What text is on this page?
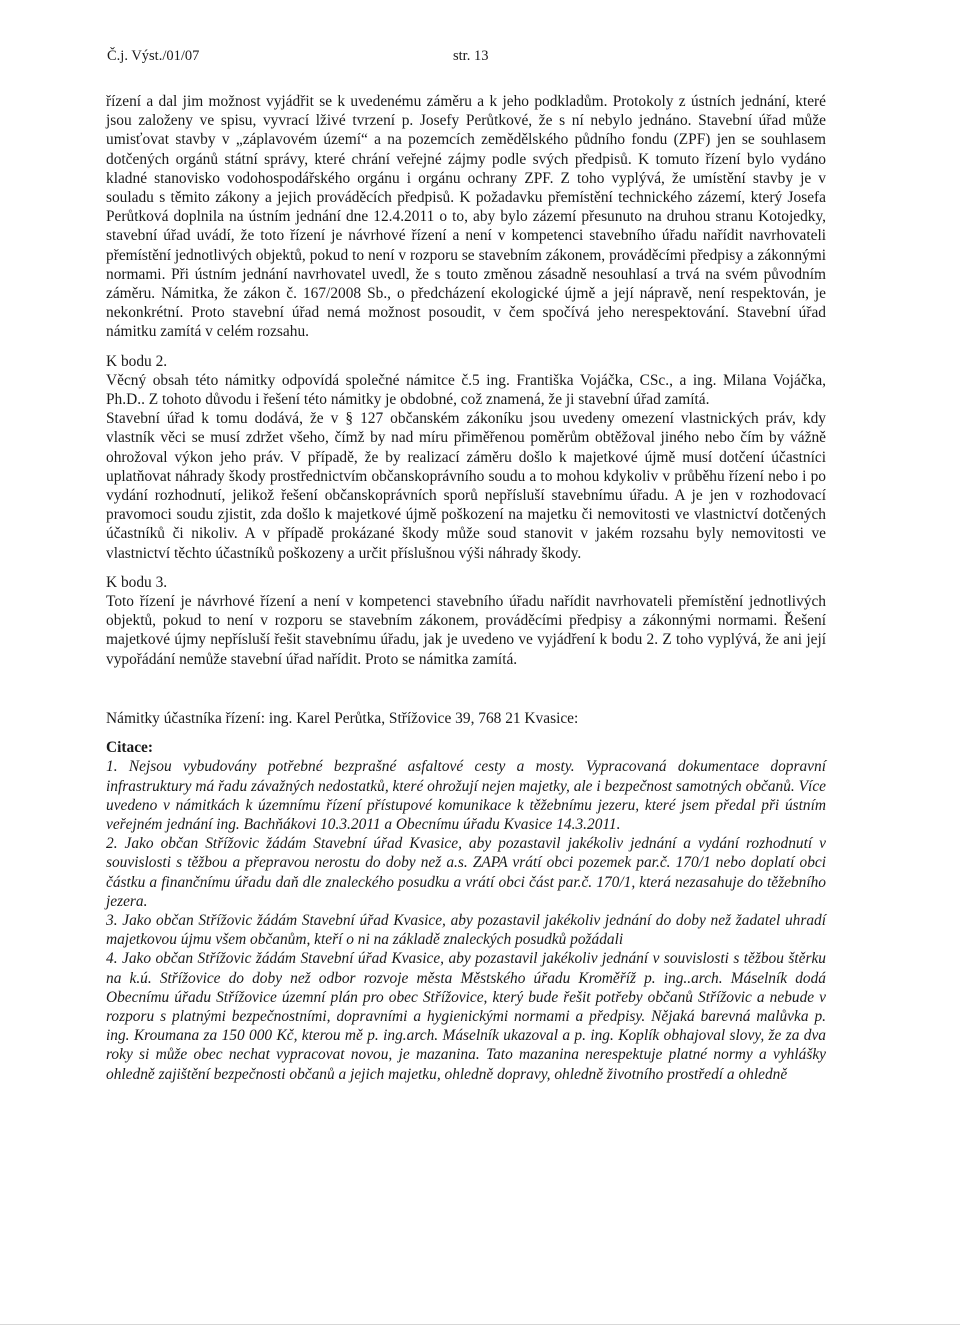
Č.j. Výst./01/07	str. 13

řízení a dal jim možnost vyjádřit se k uvedenému záměru a k jeho podkladům. Protokoly z ústních jednání, které jsou založeny ve spisu, vyvrací lživé tvrzení p. Josefy Perůtkové, že s ní nebylo jednáno. Stavební úřad může umisťovat stavby v „záplavovém území“ a na pozemcích zemědělského půdního fondu (ZPF) jen se souhlasem dotčených orgánů státní správy, které chrání veřejné zájmy podle svých předpisů. K tomuto řízení bylo vydáno kladné stanovisko vodohospodářského orgánu i orgánu ochrany ZPF. Z toho vyplývá, že umístění stavby je v souladu s těmito zákony a jejich prováděcích předpisů. K požadavku přemístění technického zázemí, který Josefa Perůtková doplnila na ústním jednání dne 12.4.2011 o to, aby bylo zázemí přesunuto na druhou stranu Kotojedky, stavební úřad uvádí, že toto řízení je návrhové řízení a není v kompetenci stavebního úřadu nařídit navrhovateli přemístění jednotlivých objektů, pokud to není v rozporu se stavebním zákonem, prováděcími předpisy a zákonnými normami. Při ústním jednání navrhovatel uvedl, že s touto změnou zásadně nesouhlasí a trvá na svém původním záměru. Námitka, že zákon č. 167/2008 Sb., o předcházení ekologické újmě a její nápravě, není respektován, je nekonkrétní. Proto stavební úřad nemá možnost posoudit, v čem spočívá jeho nerespektování. Stavební úřad námitku zamítá v celém rozsahu.

K bodu 2.

Věcný obsah této námitky odpovídá společné námitce č.5 ing. Františka Vojáčka, CSc., a ing. Milana Vojáčka, Ph.D.. Z tohoto důvodu i řešení této námitky je obdobné, což znamená, že ji stavební úřad zamítá.

Stavební úřad k tomu dodává, že v § 127 občanském zákoníku jsou uvedeny omezení vlastnických práv, kdy vlastník věci se musí zdržet všeho, čímž by nad míru přiměřenou poměrům obtěžoval jiného nebo čím by vážně ohrožoval výkon jeho práv. V případě, že by realizací záměru došlo k majetkové újmě musí dotčení účastníci uplatňovat náhrady škody prostřednictvím občanskoprávního soudu a to mohou kdykoliv v průběhu řízení nebo i po vydání rozhodnutí, jelikož řešení občanskoprávních sporů nepřísluší stavebnímu úřadu. A je jen v rozhodovací pravomoci soudu zjistit, zda došlo k majetkové újmě poškození na majetku či nemovitosti ve vlastnictví dotčených účastníků či nikoliv. A v případě prokázané škody může soud stanovit v jakém rozsahu byly nemovitosti ve vlastnictví těchto účastníků poškozeny a určit příslušnou výši náhrady škody.

K bodu 3.

Toto řízení je návrhové řízení a není v kompetenci stavebního úřadu nařídit navrhovateli přemístění jednotlivých objektů, pokud to není v rozporu se stavebním zákonem, prováděcími předpisy a zákonnými normami. Řešení majetkové újmy nepřísluší řešit stavebnímu úřadu, jak je uvedeno ve vyjádření k bodu 2. Z toho vyplývá, že ani její vypořádání nemůže stavební úřad nařídit. Proto se námitka zamítá.

Námitky účastníka řízení: ing. Karel Perůtka, Střížovice 39, 768 21 Kvasice:

Citace:

1. Nejsou vybudovány potřebné bezprašné asfaltové cesty a mosty. Vypracovaná dokumentace dopravní infrastruktury má řadu závažných nedostatků, které ohrožují nejen majetky, ale i bezpečnost samotných občanů. Více uvedeno v námitkách k územnímu řízení přístupové komunikace k těžebnímu jezeru, které jsem předal při ústním veřejném jednání ing. Bachňákovi 10.3.2011 a Obecnímu úřadu Kvasice 14.3.2011.

2. Jako občan Střížovic žádám Stavební úřad Kvasice, aby pozastavil jakékoliv jednání a vydání rozhodnutí v souvislosti s těžbou a přepravou nerostu do doby než a.s. ZAPA vrátí obci pozemek par.č. 170/1 nebo doplatí obci částku a finančnímu úřadu daň dle znaleckého posudku a vrátí obci část par.č. 170/1, která nezasahuje do těžebního jezera.

3. Jako občan Střížovic žádám Stavební úřad Kvasice, aby pozastavil jakékoliv jednání do doby než žadatel uhradí majetkovou újmu všem občanům, kteří o ni na základě znaleckých posudků požádali

4. Jako občan Střížovic žádám Stavební úřad Kvasice, aby pozastavil jakékoliv jednání v souvislosti s těžbou štěrku na k.ú. Střížovice do doby než odbor rozvoje města Městského úřadu Kroměříž p. ing..arch. Máselník dodá Obecnímu úřadu Střížovice územní plán pro obec Střížovice, který bude řešit potřeby občanů Střížovic a nebude v rozporu s platnými bezpečnostními, dopravními a hygienickými normami a předpisy. Nějaká barevná malůvka p. ing. Kroumana za 150 000 Kč, kterou mě p. ing.arch. Máselník ukazoval a p. ing. Koplík obhajoval slovy, že za dva roky si může obec nechat vypracovat novou, je mazanina. Tato mazanina nerespektuje platné normy a vyhlášky ohledně zajištění bezpečnosti občanů a jejich majetku, ohledně dopravy, ohledně životního prostředí a ohledně
